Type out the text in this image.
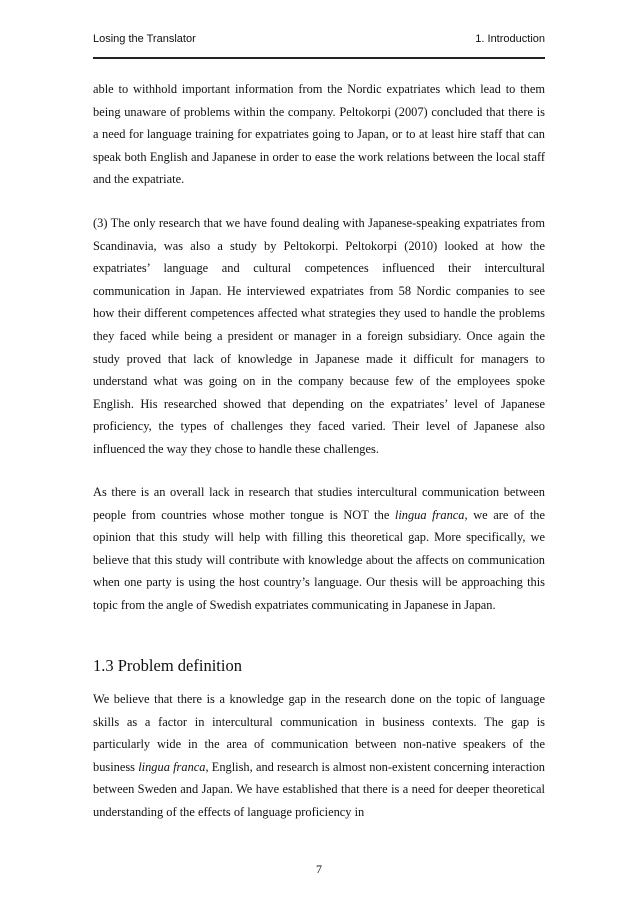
Losing the Translator	1. Introduction

able to withhold important information from the Nordic expatriates which lead to them being unaware of problems within the company. Peltokorpi (2007) concluded that there is a need for language training for expatriates going to Japan, or to at least hire staff that can speak both English and Japanese in order to ease the work relations between the local staff and the expatriate.

(3) The only research that we have found dealing with Japanese-speaking expatriates from Scandinavia, was also a study by Peltokorpi. Peltokorpi (2010) looked at how the expatriates’ language and cultural competences influenced their intercultural communication in Japan. He interviewed expatriates from 58 Nordic companies to see how their different competences affected what strategies they used to handle the problems they faced while being a president or manager in a foreign subsidiary. Once again the study proved that lack of knowledge in Japanese made it difficult for managers to understand what was going on in the company because few of the employees spoke English. His researched showed that depending on the expatriates’ level of Japanese proficiency, the types of challenges they faced varied. Their level of Japanese also influenced the way they chose to handle these challenges.

As there is an overall lack in research that studies intercultural communication between people from countries whose mother tongue is NOT the lingua franca, we are of the opinion that this study will help with filling this theoretical gap. More specifically, we believe that this study will contribute with knowledge about the affects on communication when one party is using the host country’s language. Our thesis will be approaching this topic from the angle of Swedish expatriates communicating in Japanese in Japan.

1.3 Problem definition

We believe that there is a knowledge gap in the research done on the topic of language skills as a factor in intercultural communication in business contexts. The gap is particularly wide in the area of communication between non-native speakers of the business lingua franca, English, and research is almost non-existent concerning interaction between Sweden and Japan. We have established that there is a need for deeper theoretical understanding of the effects of language proficiency in

7
